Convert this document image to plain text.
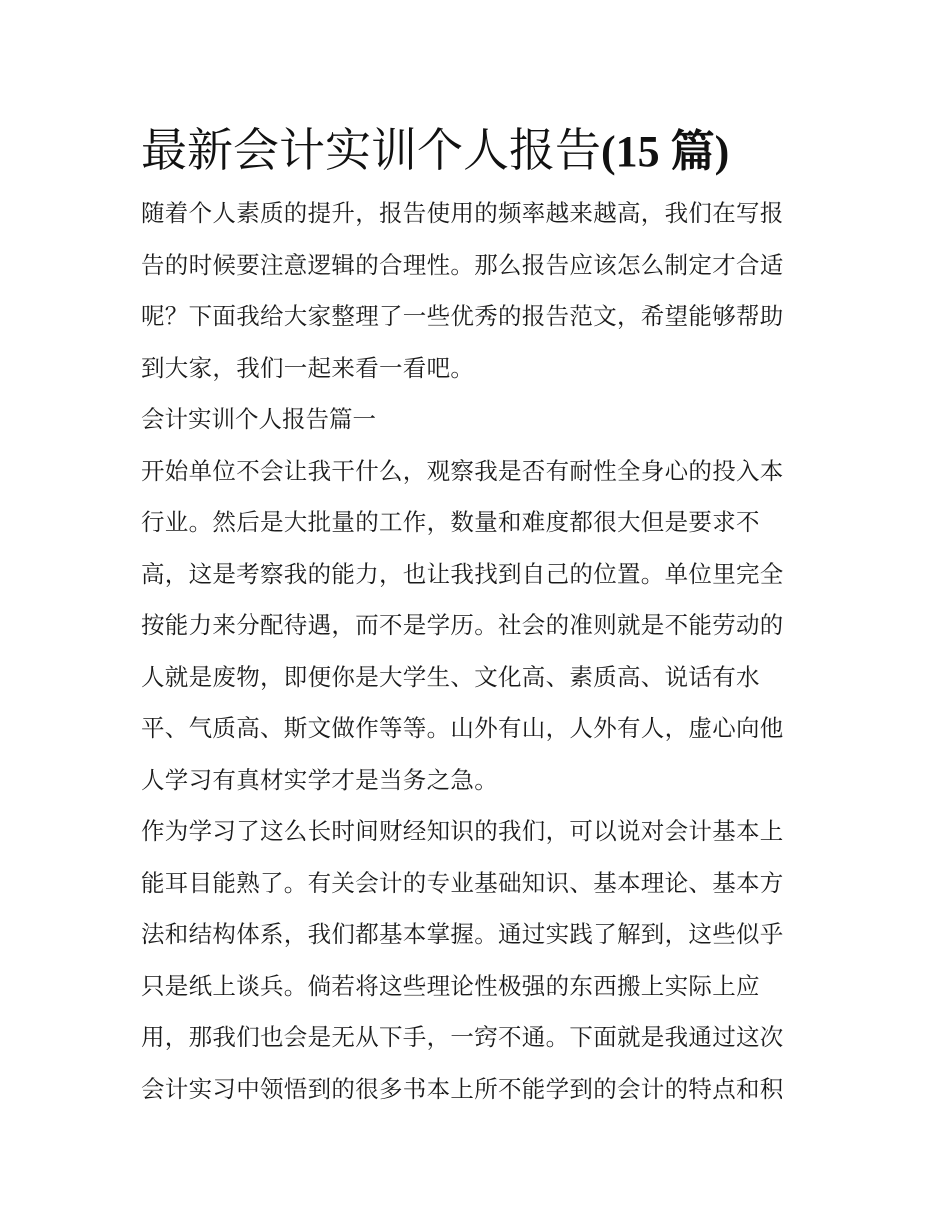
最新会计实训个人报告(15 篇)
随着个人素质的提升，报告使用的频率越来越高，我们在写报
告的时候要注意逻辑的合理性。那么报告应该怎么制定才合适
呢？下面我给大家整理了一些优秀的报告范文，希望能够帮助
到大家，我们一起来看一看吧。
会计实训个人报告篇一
开始单位不会让我干什么，观察我是否有耐性全身心的投入本
行业。然后是大批量的工作，数量和难度都很大但是要求不
高，这是考察我的能力，也让我找到自己的位置。单位里完全
按能力来分配待遇，而不是学历。社会的准则就是不能劳动的
人就是废物，即便你是大学生、文化高、素质高、说话有水
平、气质高、斯文做作等等。山外有山，人外有人，虚心向他
人学习有真材实学才是当务之急。
作为学习了这么长时间财经知识的我们，可以说对会计基本上
能耳目能熟了。有关会计的专业基础知识、基本理论、基本方
法和结构体系，我们都基本掌握。通过实践了解到，这些似乎
只是纸上谈兵。倘若将这些理论性极强的东西搬上实际上应
用，那我们也会是无从下手，一窍不通。下面就是我通过这次
会计实习中领悟到的很多书本上所不能学到的会计的特点和积
